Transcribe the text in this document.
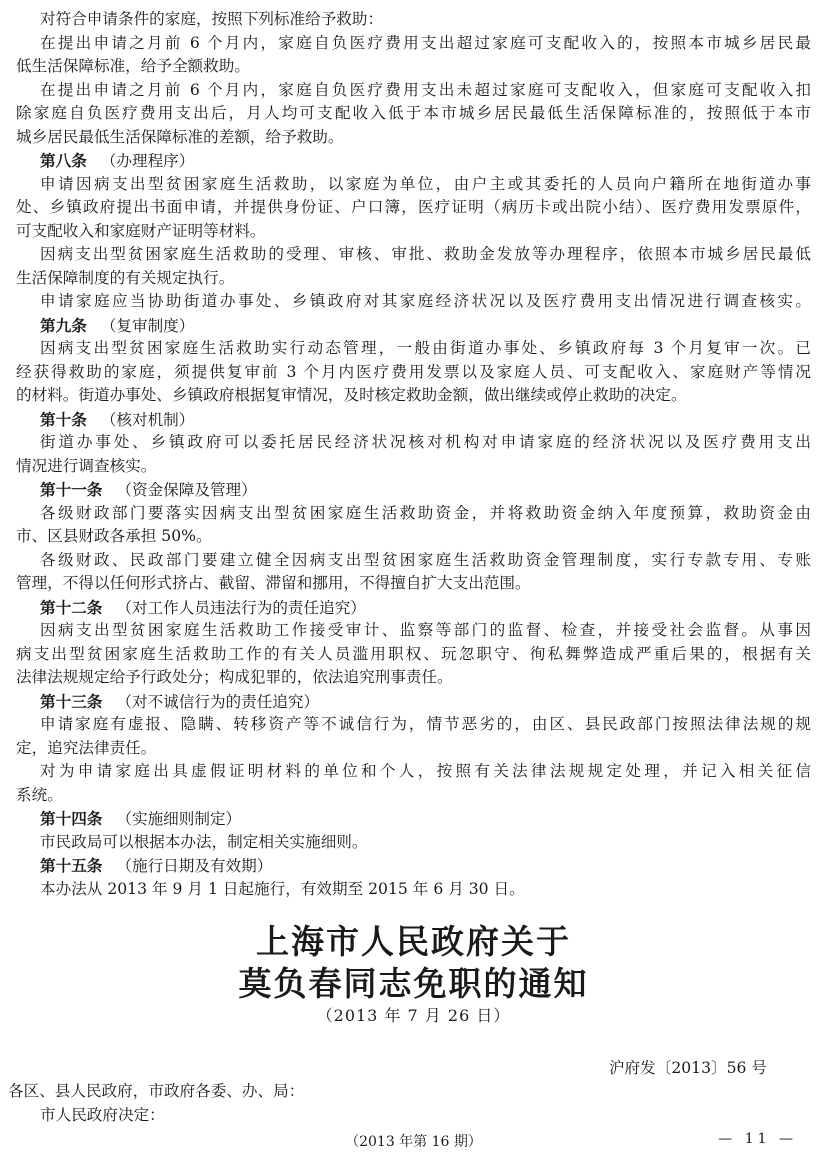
对符合申请条件的家庭，按照下列标准给予救助：
在提出申请之月前 6 个月内，家庭自负医疗费用支出超过家庭可支配收入的，按照本市城乡居民最
低生活保障标准，给予全额救助。
在提出申请之月前 6 个月内，家庭自负医疗费用支出未超过家庭可支配收入，但家庭可支配收入扣
除家庭自负医疗费用支出后，月人均可支配收入低于本市城乡居民最低生活保障标准的，按照低于本市
城乡居民最低生活保障标准的差额，给予救助。
第八条 （办理程序）
申请因病支出型贫困家庭生活救助，以家庭为单位，由户主或其委托的人员向户籍所在地街道办事
处、乡镇政府提出书面申请，并提供身份证、户口簿，医疗证明（病历卡或出院小结）、医疗费用发票原件，
可支配收入和家庭财产证明等材料。
因病支出型贫困家庭生活救助的受理、审核、审批、救助金发放等办理程序，依照本市城乡居民最低
生活保障制度的有关规定执行。
申请家庭应当协助街道办事处、乡镇政府对其家庭经济状况以及医疗费用支出情况进行调查核实。
第九条 （复审制度）
因病支出型贫困家庭生活救助实行动态管理，一般由街道办事处、乡镇政府每 3 个月复审一次。已
经获得救助的家庭，须提供复审前 3 个月内医疗费用发票以及家庭人员、可支配收入、家庭财产等情况
的材料。街道办事处、乡镇政府根据复审情况，及时核定救助金额，做出继续或停止救助的决定。
第十条 （核对机制）
街道办事处、乡镇政府可以委托居民经济状况核对机构对申请家庭的经济状况以及医疗费用支出
情况进行调查核实。
第十一条 （资金保障及管理）
各级财政部门要落实因病支出型贫困家庭生活救助资金，并将救助资金纳入年度预算，救助资金由
市、区县财政各承担 50%。
各级财政、民政部门要建立健全因病支出型贫困家庭生活救助资金管理制度，实行专款专用、专账
管理，不得以任何形式挤占、截留、滞留和挪用，不得擅自扩大支出范围。
第十二条 （对工作人员违法行为的责任追究）
因病支出型贫困家庭生活救助工作接受审计、监察等部门的监督、检查，并接受社会监督。从事因
病支出型贫困家庭生活救助工作的有关人员滥用职权、玩忽职守、徇私舞弊造成严重后果的，根据有关
法律法规规定给予行政处分；构成犯罪的，依法追究刑事责任。
第十三条 （对不诚信行为的责任追究）
申请家庭有虚报、隐瞒、转移资产等不诚信行为，情节恶劣的，由区、县民政部门按照法律法规的规
定，追究法律责任。
对为申请家庭出具虚假证明材料的单位和个人，按照有关法律法规规定处理，并记入相关征信
系统。
第十四条 （实施细则制定）
市民政局可以根据本办法，制定相关实施细则。
第十五条 （施行日期及有效期）
本办法从 2013 年 9 月 1 日起施行，有效期至 2015 年 6 月 30 日。
上海市人民政府关于
莫负春同志免职的通知
（2013 年 7 月 26 日）
沪府发〔2013〕56 号
各区、县人民政府，市政府各委、办、局：
市人民政府决定：
（2013 年第 16 期）	— 11 —
